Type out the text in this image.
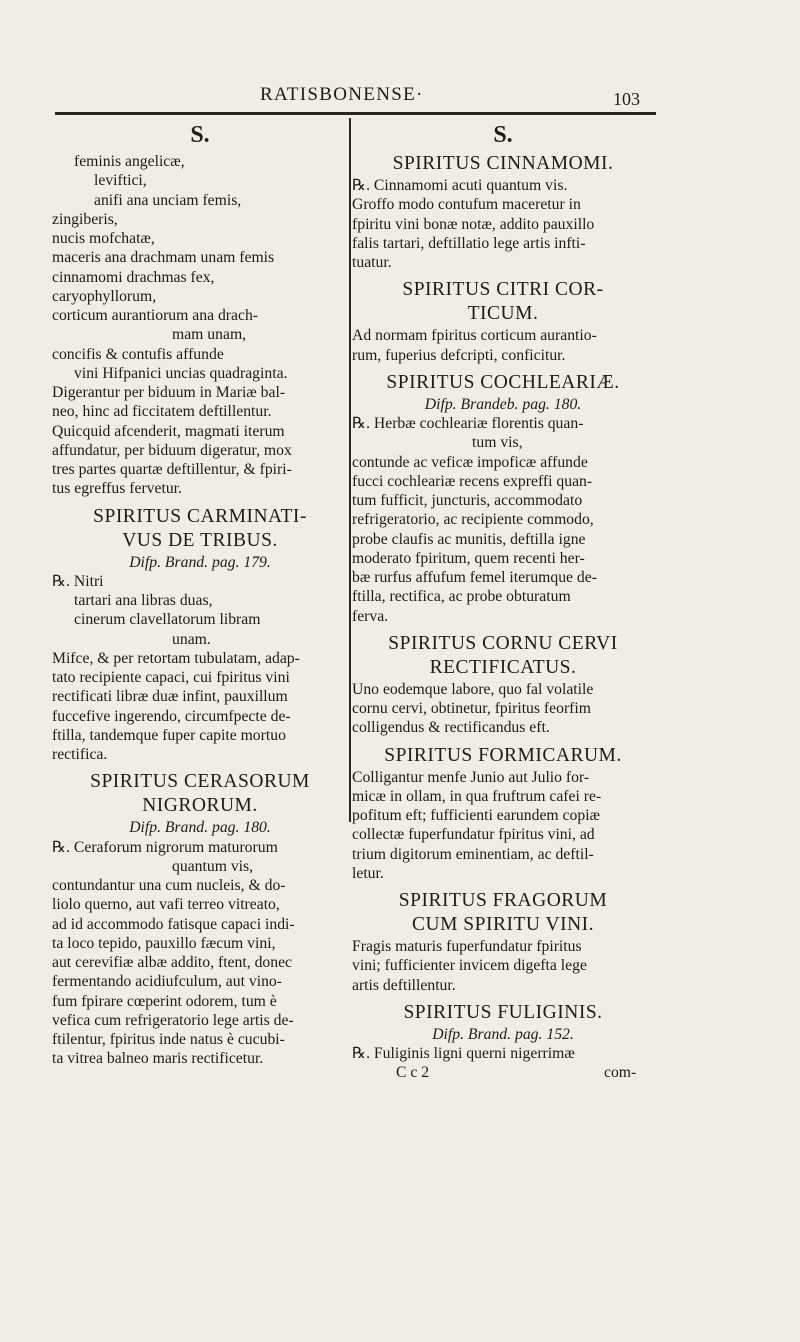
RATISBONENSE·	103
S.
feminis angelicæ,
leviftici,
anifi ana unciam femis,
zingiberis,
nucis mofchatæ,
maceris ana drachmam unam femis
cinnamomi drachmas fex,
caryophyllorum,
corticum aurantiorum ana drach-
mam unam,
concifis & contufis affunde
vini Hifpanici uncias quadraginta.
Digerantur per biduum in Mariæ bal-
neo, hinc ad ficcitatem deftillentur.
Quicquid afcenderit, magmati iterum
affundatur, per biduum digeratur, mox
tres partes quartæ deftillentur, & fpiri-
tus egreffus fervetur.
SPIRITUS CARMINATI-
VUS DE TRIBUS.
Difp. Brand. pag. 179.
℞. Nitri
tartari ana libras duas,
cinerum clavellatorum libram
unam.
Mifce, & per retortam tubulatam, adap-
tato recipiente capaci, cui fpiritus vini
rectificati libræ duæ infint, pauxillum
fuccefive ingerendo, circumfpecte de-
ftilla, tandemque fuper capite mortuo
rectifica.
SPIRITUS CERASORUM
NIGRORUM.
Difp. Brand. pag. 180.
℞. Ceraforum nigrorum maturorum
quantum vis,
contundantur una cum nucleis, & do-
liolo querno, aut vafi terreo vitreato,
ad id accommodo fatisque capaci indi-
ta loco tepido, pauxillo fæcum vini,
aut cerevifiæ albæ addito, ftent, donec
fermentando acidiufculum, aut vino-
fum fpirare cœperint odorem, tum è
vefica cum refrigeratorio lege artis de-
ftilentur, fpiritus inde natus è cucubi-
ta vitrea balneo maris rectificetur.
S.
SPIRITUS CINNAMOMI.
℞. Cinnamomi acuti quantum vis.
Groffo modo contufum maceretur in
fpiritu vini bonæ notæ, addito pauxillo
falis tartari, deftillatio lege artis infti-
tuatur.
SPIRITUS CITRI COR-
TICUM.
Ad normam fpiritus corticum aurantio-
rum, fuperius defcripti, conficitur.
SPIRITUS COCHLEARIÆ.
Difp. Brandeb. pag. 180.
℞. Herbæ cochleariæ florentis quan-
tum vis,
contunde ac veficæ impoficæ affunde
fucci cochleariæ recens expreffi quan-
tum fufficit, juncturis, accommodato
refrigeratorio, ac recipiente commodo,
probe claufis ac munitis, deftilla igne
moderato fpiritum, quem recenti her-
bæ rurfus affufum femel iterumque de-
ftilla, rectifica, ac probe obturatum
ferva.
SPIRITUS CORNU CERVI
RECTIFICATUS.
Uno eodemque labore, quo fal volatile
cornu cervi, obtinetur, fpiritus feorfim
colligendus & rectificandus eft.
SPIRITUS FORMICARUM.
Colligantur menfe Junio aut Julio for-
micæ in ollam, in qua fruftrum cafei re-
pofitum eft; fufficienti earundem copiæ
collectæ fuperfundatur fpiritus vini, ad
trium digitorum eminentiam, ac deftil-
letur.
SPIRITUS FRAGORUM
CUM SPIRITU VINI.
Fragis maturis fuperfundatur fpiritus
vini; fufficienter invicem digefta lege
artis deftillentur.
SPIRITUS FULIGINIS.
Difp. Brand. pag. 152.
℞. Fuliginis ligni querni nigerrimæ
C c 2	com-
